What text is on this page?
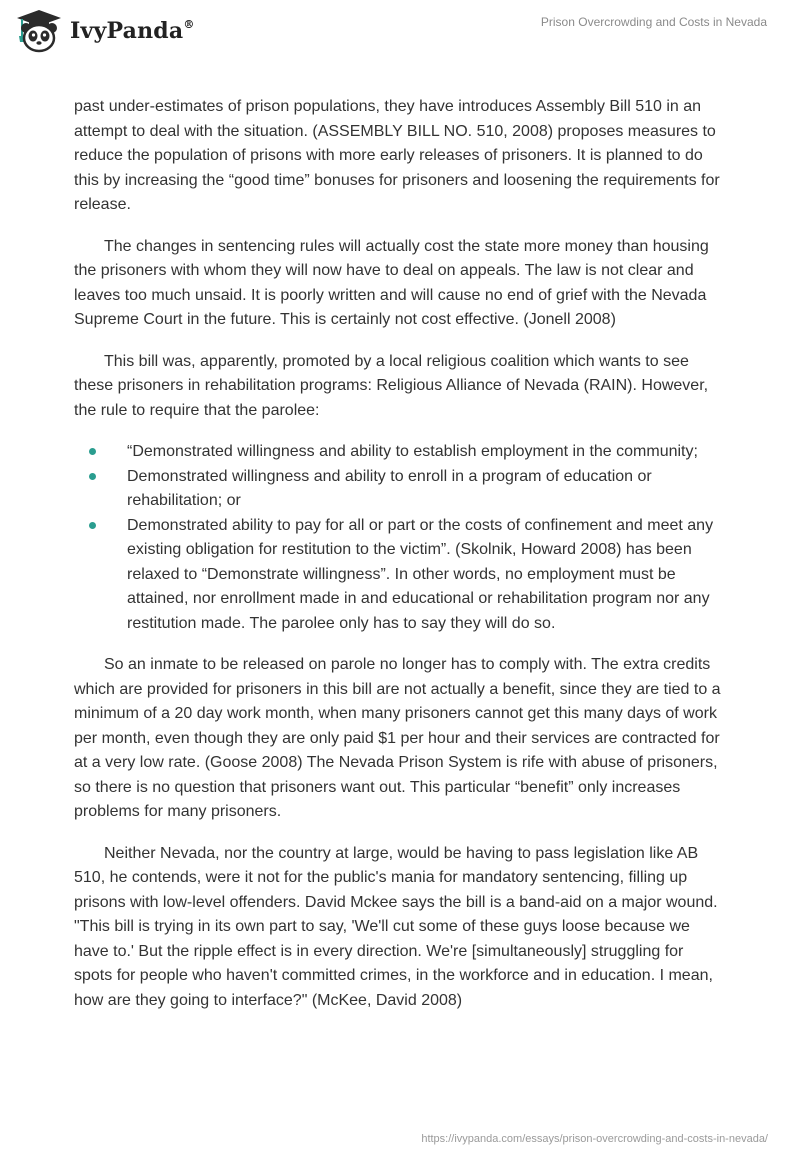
IvyPanda®	Prison Overcrowding and Costs in Nevada

past under-estimates of prison populations, they have introduces Assembly Bill 510 in an attempt to deal with the situation. (ASSEMBLY BILL NO. 510, 2008) proposes measures to reduce the population of prisons with more early releases of prisoners. It is planned to do this by increasing the “good time” bonuses for prisoners and loosening the requirements for release.

The changes in sentencing rules will actually cost the state more money than housing the prisoners with whom they will now have to deal on appeals. The law is not clear and leaves too much unsaid. It is poorly written and will cause no end of grief with the Nevada Supreme Court in the future. This is certainly not cost effective. (Jonell 2008)

This bill was, apparently, promoted by a local religious coalition which wants to see these prisoners in rehabilitation programs: Religious Alliance of Nevada (RAIN). However, the rule to require that the parolee:

“Demonstrated willingness and ability to establish employment in the community;
Demonstrated willingness and ability to enroll in a program of education or rehabilitation; or
Demonstrated ability to pay for all or part or the costs of confinement and meet any existing obligation for restitution to the victim”. (Skolnik, Howard 2008) has been relaxed to “Demonstrate willingness”. In other words, no employment must be attained, nor enrollment made in and educational or rehabilitation program nor any restitution made. The parolee only has to say they will do so.

So an inmate to be released on parole no longer has to comply with. The extra credits which are provided for prisoners in this bill are not actually a benefit, since they are tied to a minimum of a 20 day work month, when many prisoners cannot get this many days of work per month, even though they are only paid $1 per hour and their services are contracted for at a very low rate. (Goose 2008) The Nevada Prison System is rife with abuse of prisoners, so there is no question that prisoners want out. This particular “benefit” only increases problems for many prisoners.

Neither Nevada, nor the country at large, would be having to pass legislation like AB 510, he contends, were it not for the public's mania for mandatory sentencing, filling up prisons with low-level offenders. David Mckee says the bill is a band-aid on a major wound. "This bill is trying in its own part to say, 'We'll cut some of these guys loose because we have to.' But the ripple effect is in every direction. We're [simultaneously] struggling for spots for people who haven't committed crimes, in the workforce and in education. I mean, how are they going to interface?" (McKee, David 2008)

https://ivypanda.com/essays/prison-overcrowding-and-costs-in-nevada/
